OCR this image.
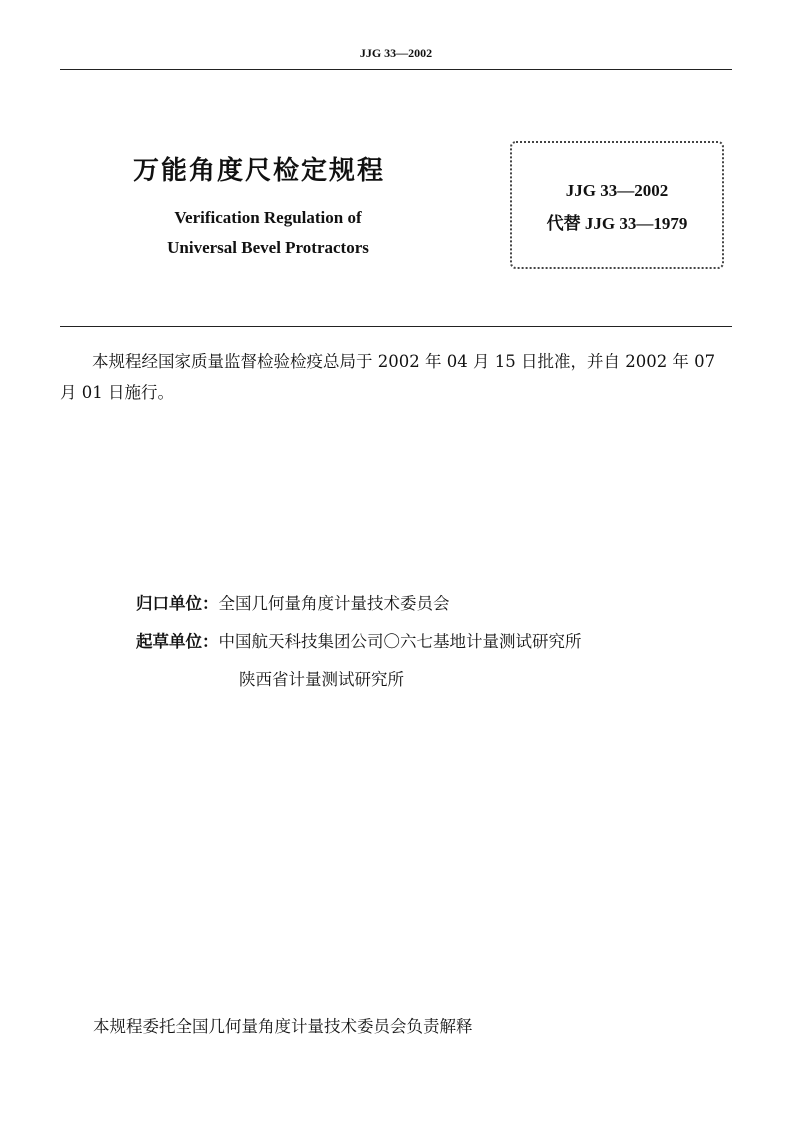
JJG 33—2002
万能角度尺检定规程
Verification Regulation of
Universal Bevel Protractors
JJG 33—2002
代替 JJG 33—1979
本规程经国家质量监督检验检疫总局于 2002 年 04 月 15 日批准，并自 2002 年 07 月 01 日施行。
归口单位：全国几何量角度计量技术委员会
起草单位：中国航天科技集团公司〇六七基地计量测试研究所
陕西省计量测试研究所
本规程委托全国几何量角度计量技术委员会负责解释
